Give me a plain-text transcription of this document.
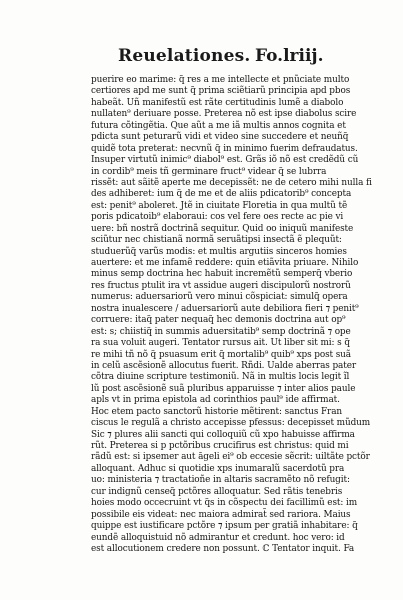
Reuelationes. Fo.lriij.
puerire eo marime: q̃ res a me intellecte et pnũciate multo
certiores apd me sunt q̃ prima sciẽtiarũ principia apd pbos
habeãt. Uñ manifestũ est rãte certitudinis lumẽ a diabolo
nullaten⁹ deriuare posse. Preterea nõ est ipse diabolus scire
futura cõtingẽtia. Que aũt a me iã multis annos cognita et
pdicta sunt peturarũ vidi et video sine succedere et neuñq̃
quidẽ tota preterat: necvnũ q̃ in minimo fuerim defraudatus.
Insuper virtutũ inimic⁹ diabol⁹ est. Grãs iõ nõ est credẽdũ cũ
in cordib⁹ meis tñ germinare fruct⁹ videar q̃ se lubrra
rissẽt: aut sãitẽ aperte me decepissẽt: ne de cetero mihi nulla fi
des adhiberet: ium q̃ de me et de aliis pdicatorib⁹ concepta
est: penit⁹ aboleret. Jtẽ in ciuitate Floretia in qua multũ tẽ
poris pdicatoib⁹ elaboraui: cos vel fere oes recte ac pie vi
uere: bñ nostrã doctrinã sequitur. Quid oo iniquũ manifeste
sciũtur nec chistianã normã seruãtipsi insectã ẽ plequũt:
studuerũq̃ varũs modis: et multis argutiis sinceros homies
auertere: et me infamẽ reddere: quin etiãvita priuare. Nihilo
minus semp doctrina hec habuit incremẽtũ semperq̃ vberio
res fructus ptulit ira vt assidue augeri discipulorũ nostrorũ
numerus: aduersariorũ vero minui cõspiciat: simulq̃ opera
nostra inualescere / aduersariorũ aute debiliora fieri ⁊ penit⁹
corruere: itaq̃ pater nequaq̃ hec demonis doctrina aut op⁹
est: s; chiistiq̃ in summis aduersitatib⁹ semp doctrinã ⁊ ope
ra sua voluit augeri. Tentator rursus ait. Ut liber sit mi: s q̃
re mihi tñ nõ q̃ psuasum erit q̃ mortalib⁹ quib⁹ xps post suã
in celũ ascẽsionẽ allocutus fuerit. Rñdi. Ualde aberras pater
cõtra diuine scripture testimoniũ. Nã in multis locis legit ĩl
lũ post ascẽsionẽ suã pluribus apparuisse ⁊ inter alios paule
apls vt in prima epistola ad corinthios paul⁹ ide affirmat.
Hoc etem pacto sanctorũ historie mẽtirent: sanctus Fran
ciscus le regulã a christo accepisse pfessus: decepisset mũdum
Sic ⁊ plures alii sancti qui colloquiũ cũ xpo habuisse affirma
rũt. Preterea si p pctõribus crucifirus est christus: quid mi
rãdũ est: si ipsemer aut āgeli ei⁹ ob eccesie sẽcrit: uiltãte pctõr
alloquant. Adhuc si quotidie xps inumaralũ sacerdotũ pra
uo: ministeria ⁊ tractatioñe in altaris sacramẽto nõ refugit:
cur indignũ censeq̃ pctõres alloquatur. Sed rãtis tenebris
hoies modo occecruint vt q̃s in cõspectu dei facillimũ est: im
possibile eis videat: nec maiora admirat̃ sed rariora. Maius
quippe est iustificare pctõre ⁊ ipsum per gratiã inhabitare: q̃
eundẽ alloquistuid nõ admirantur et credunt. hoc vero: id
est allocutionem credere non possunt. ℂ Tentator inquit. Fa
